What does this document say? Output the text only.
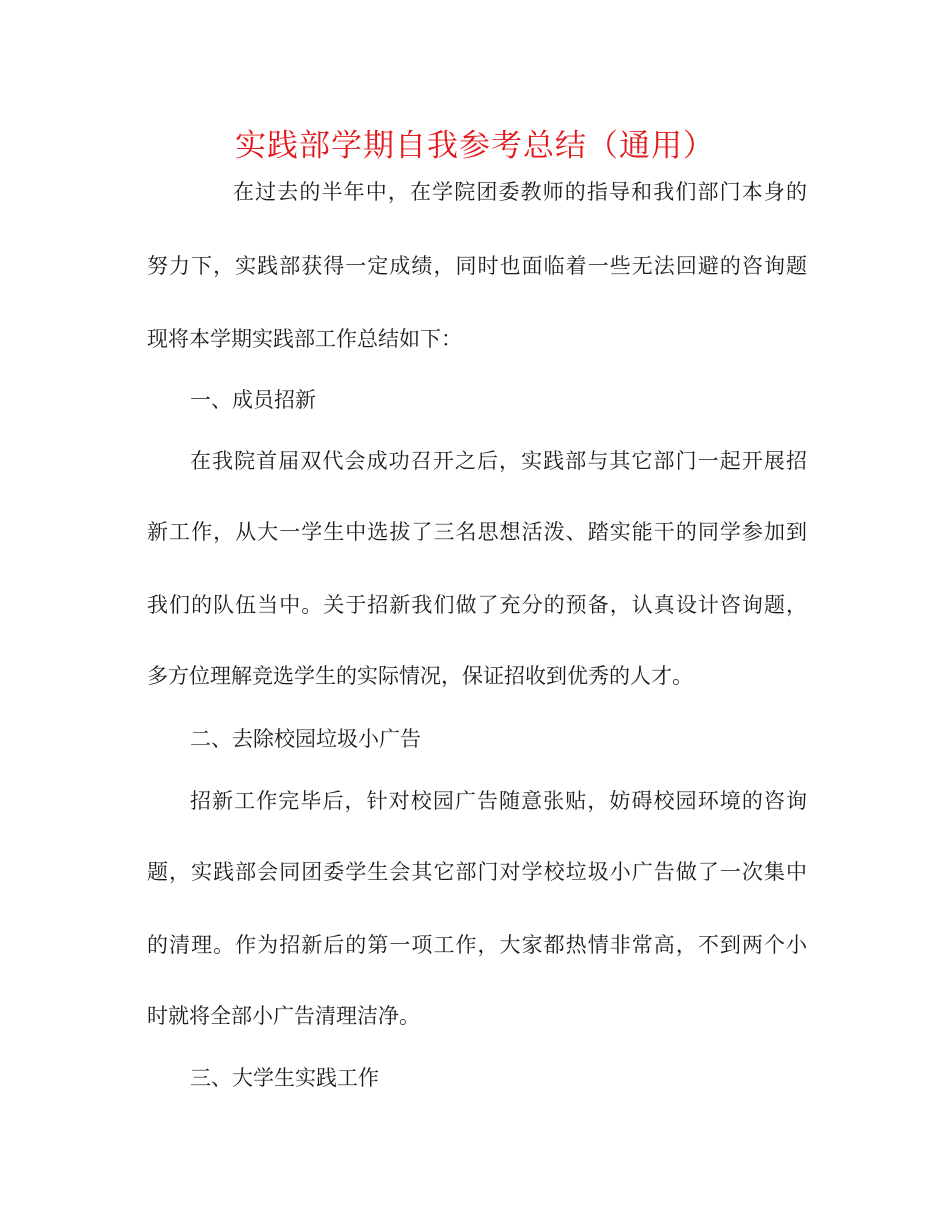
实践部学期自我参考总结（通用）
在过去的半年中，在学院团委教师的指导和我们部门本身的
努力下，实践部获得一定成绩，同时也面临着一些无法回避的咨询题
现将本学期实践部工作总结如下：
一、成员招新
在我院首届双代会成功召开之后，实践部与其它部门一起开展招
新工作，从大一学生中选拔了三名思想活泼、踏实能干的同学参加到
我们的队伍当中。关于招新我们做了充分的预备，认真设计咨询题，
多方位理解竞选学生的实际情况，保证招收到优秀的人才。
二、去除校园垃圾小广告
招新工作完毕后，针对校园广告随意张贴，妨碍校园环境的咨询
题，实践部会同团委学生会其它部门对学校垃圾小广告做了一次集中
的清理。作为招新后的第一项工作，大家都热情非常高，不到两个小
时就将全部小广告清理洁净。
三、大学生实践工作
